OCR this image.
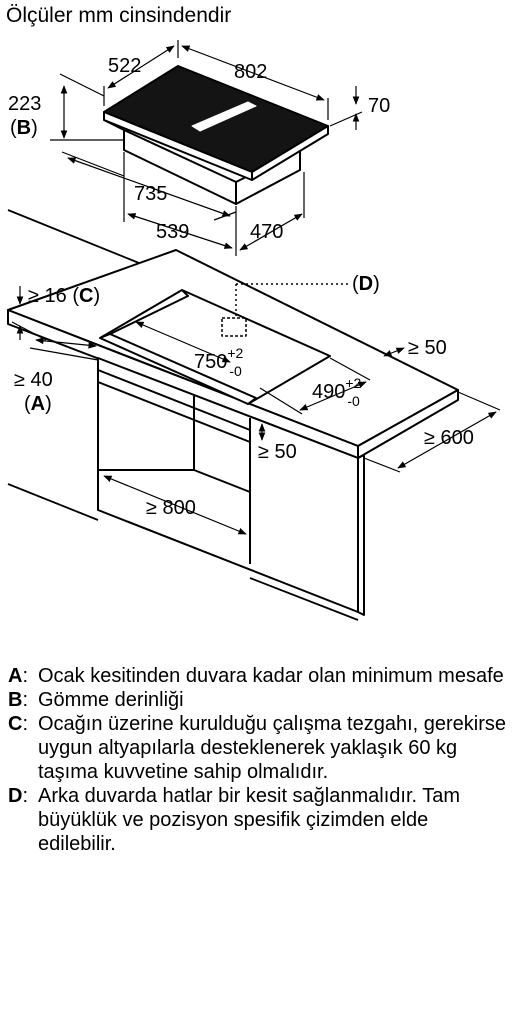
Ölçüler mm cinsindendir
522	802
223
(B)
70
735
539	470
(D)
≥ 16 (C)
≥ 40
(A)
$750^{+2}$ -0
$490^{+2}$ -0
≥ 50
≥ 50
≥ 600
≥ 800

A: Ocak kesitinden duvara kadar olan minimum mesafe

B: Gömme derinliği

C: Ocağın üzerine kurulduğu çalışma tezgahı, gerekirse uygun altyapılarla desteklenerek yaklaşık 60 kg taşıma kuvvetine sahip olmalıdır.

D: Arka duvarda hatlar bir kesit sağlanmalıdır. Tam büyüklük ve pozisyon spesifik çizimden elde edilebilir.
